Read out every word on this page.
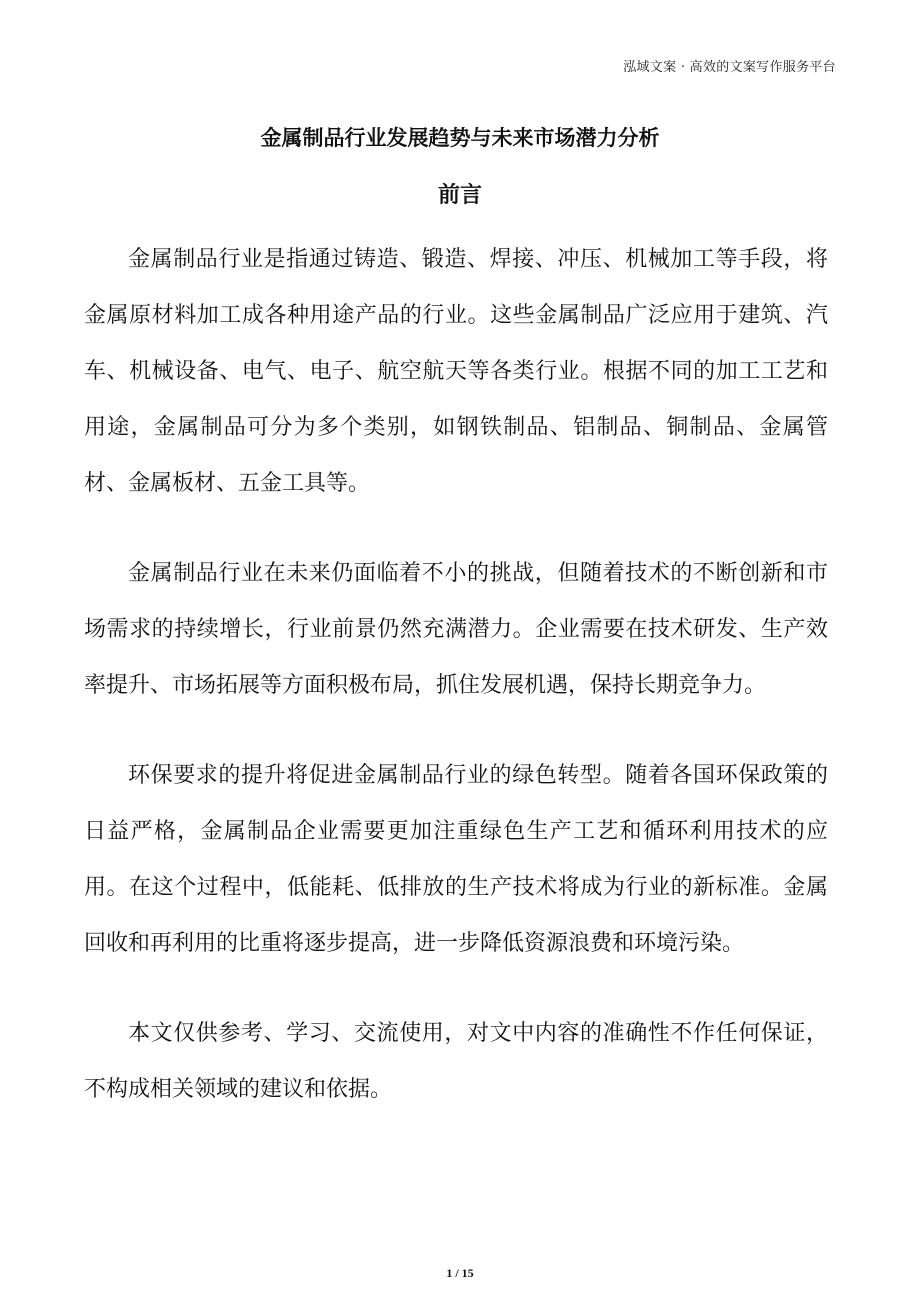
泓域文案 · 高效的文案写作服务平台
金属制品行业发展趋势与未来市场潜力分析
前言

金属制品行业是指通过铸造、锻造、焊接、冲压、机械加工等手段，将金属原材料加工成各种用途产品的行业。这些金属制品广泛应用于建筑、汽车、机械设备、电气、电子、航空航天等各类行业。根据不同的加工工艺和用途，金属制品可分为多个类别，如钢铁制品、铝制品、铜制品、金属管材、金属板材、五金工具等。

金属制品行业在未来仍面临着不小的挑战，但随着技术的不断创新和市场需求的持续增长，行业前景仍然充满潜力。企业需要在技术研发、生产效率提升、市场拓展等方面积极布局，抓住发展机遇，保持长期竞争力。

环保要求的提升将促进金属制品行业的绿色转型。随着各国环保政策的日益严格，金属制品企业需要更加注重绿色生产工艺和循环利用技术的应用。在这个过程中，低能耗、低排放的生产技术将成为行业的新标准。金属回收和再利用的比重将逐步提高，进一步降低资源浪费和环境污染。

本文仅供参考、学习、交流使用，对文中内容的准确性不作任何保证，不构成相关领域的建议和依据。

1 / 15
